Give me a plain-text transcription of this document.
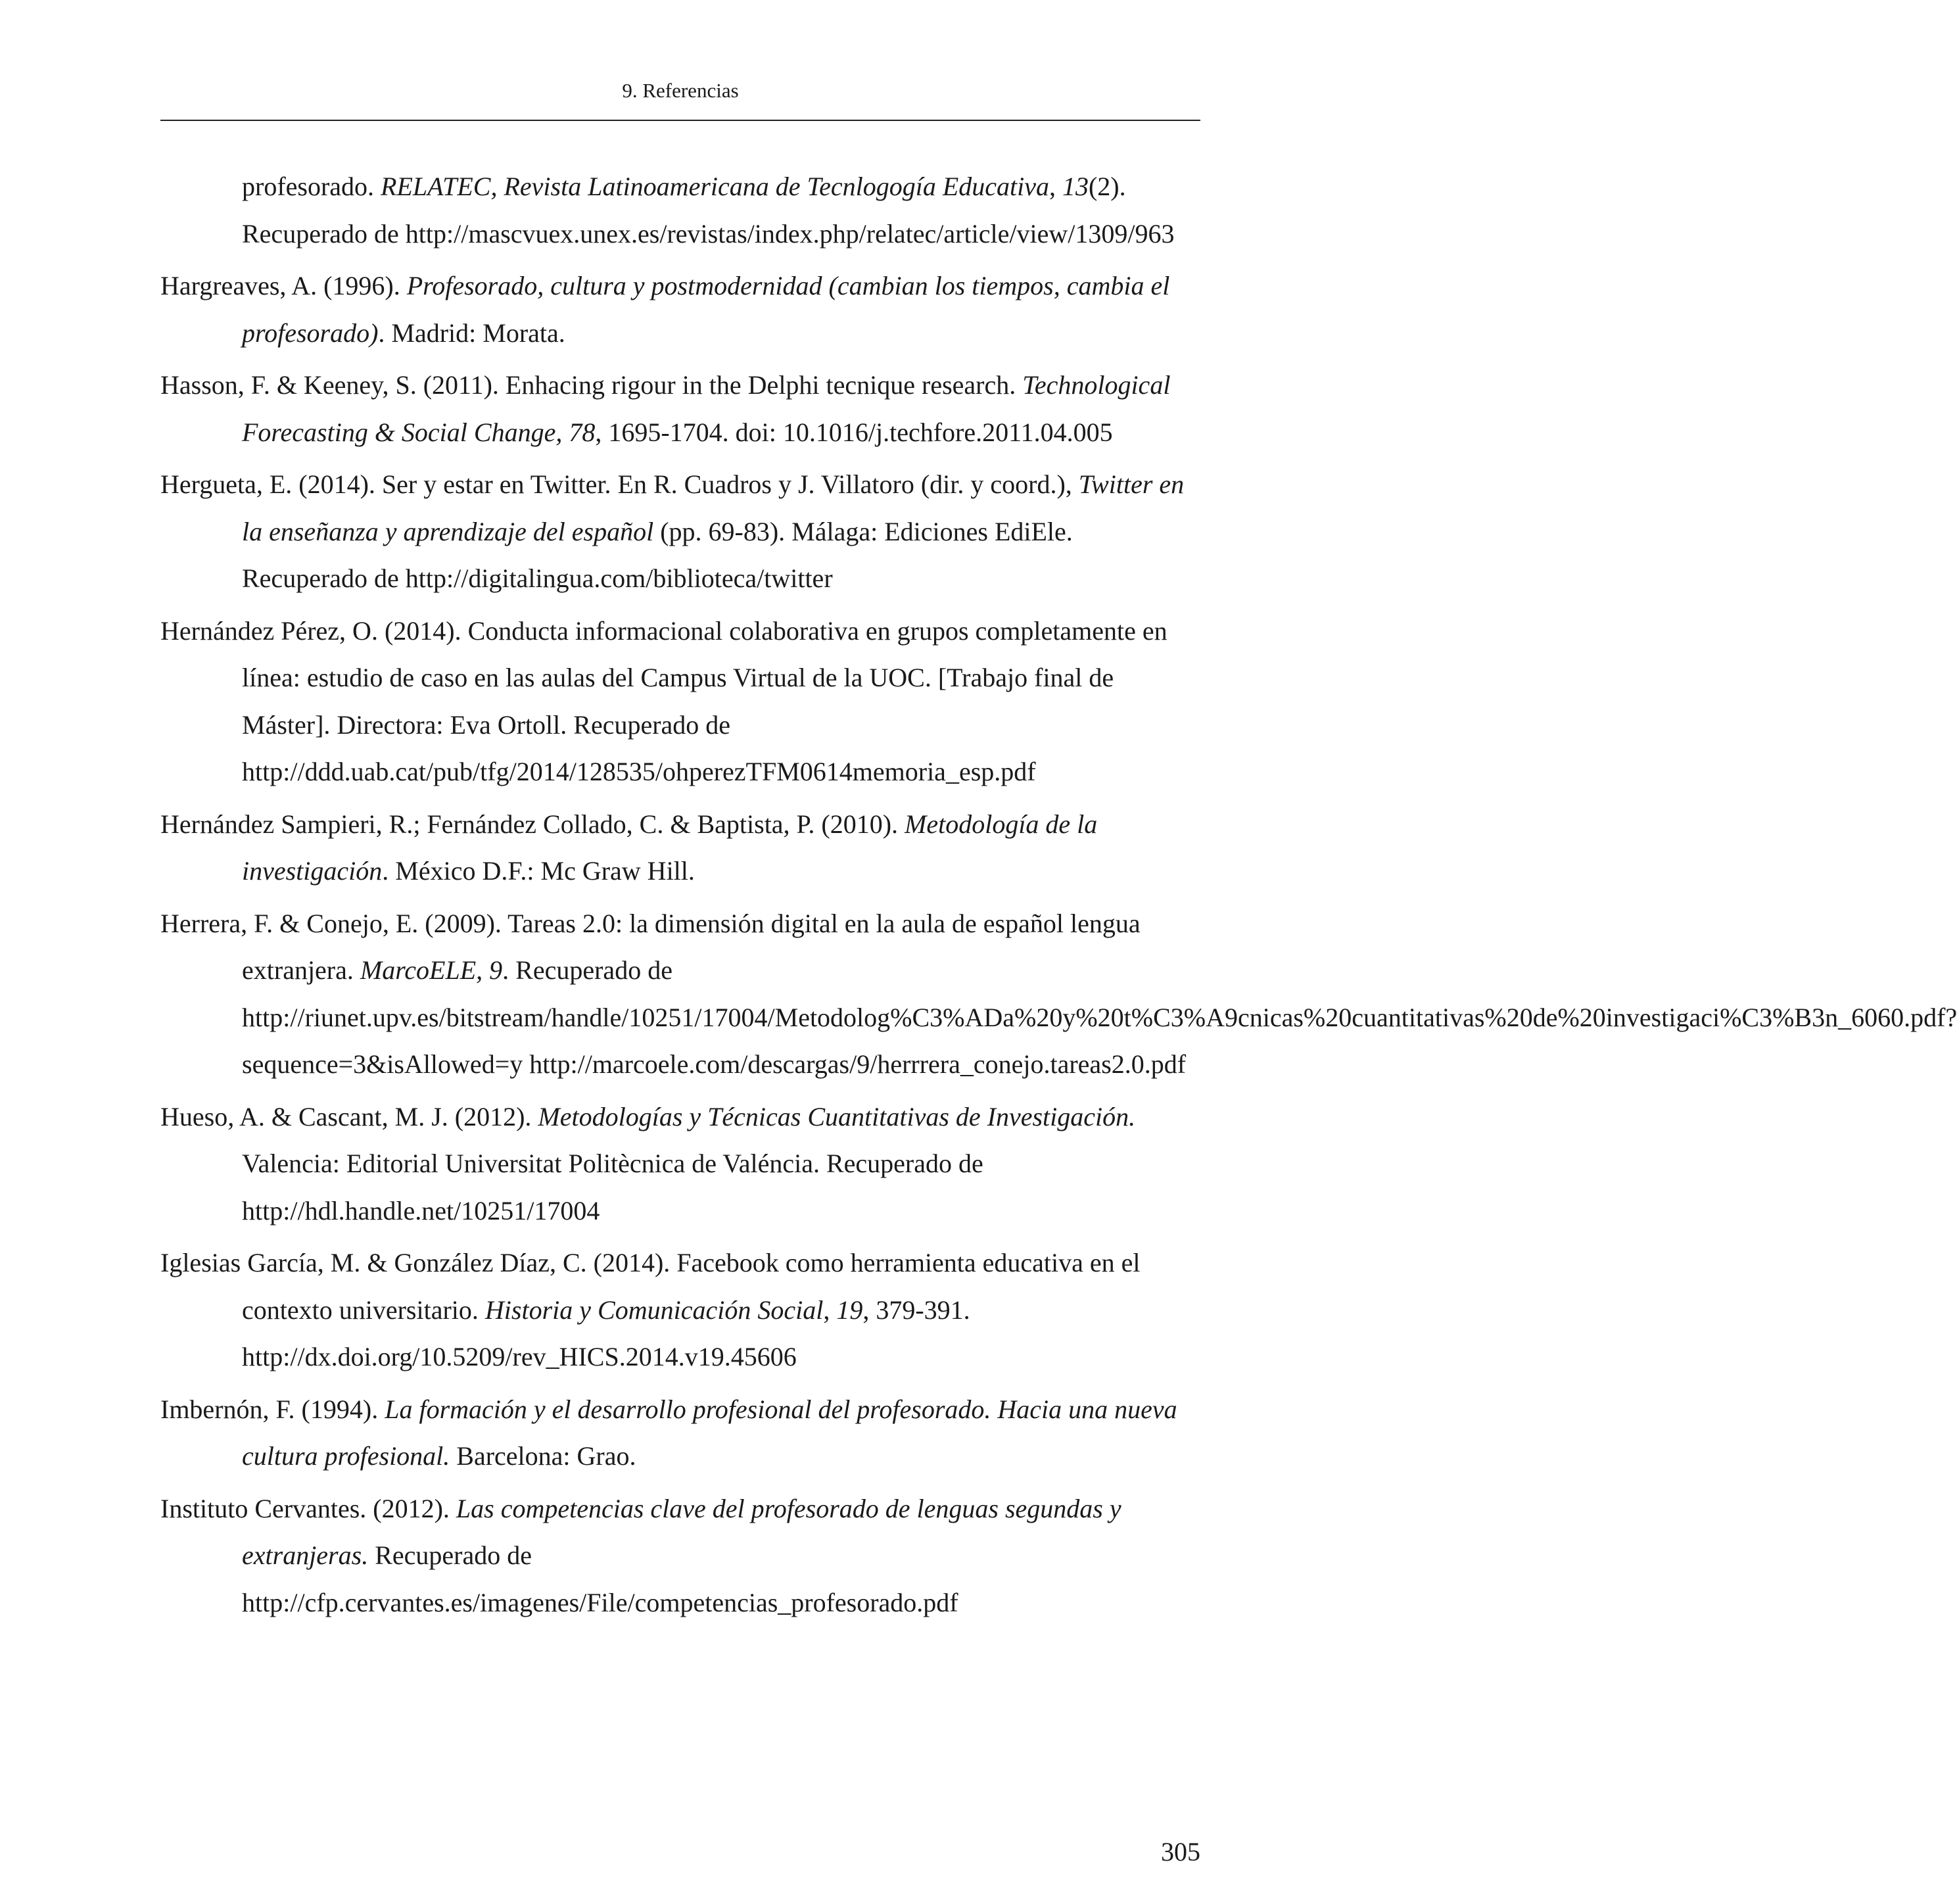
9. Referencias

profesorado. RELATEC, Revista Latinoamericana de Tecnlogogía Educativa, 13(2). Recuperado de http://mascvuex.unex.es/revistas/index.php/relatec/article/view/1309/963

Hargreaves, A. (1996). Profesorado, cultura y postmodernidad (cambian los tiempos, cambia el profesorado). Madrid: Morata.

Hasson, F. & Keeney, S. (2011). Enhacing rigour in the Delphi tecnique research. Technological Forecasting & Social Change, 78, 1695-1704. doi: 10.1016/j.techfore.2011.04.005

Hergueta, E. (2014). Ser y estar en Twitter. En R. Cuadros y J. Villatoro (dir. y coord.), Twitter en la enseñanza y aprendizaje del español (pp. 69-83). Málaga: Ediciones EdiEle. Recuperado de http://digitalingua.com/biblioteca/twitter

Hernández Pérez, O. (2014). Conducta informacional colaborativa en grupos completamente en línea: estudio de caso en las aulas del Campus Virtual de la UOC. [Trabajo final de Máster]. Directora: Eva Ortoll. Recuperado de http://ddd.uab.cat/pub/tfg/2014/128535/ohperezTFM0614memoria_esp.pdf

Hernández Sampieri, R.; Fernández Collado, C. & Baptista, P. (2010). Metodología de la investigación. México D.F.: Mc Graw Hill.

Herrera, F. & Conejo, E. (2009). Tareas 2.0: la dimensión digital en la aula de español lengua extranjera. MarcoELE, 9. Recuperado de http://riunet.upv.es/bitstream/handle/10251/17004/Metodolog%C3%ADa%20y%20t%C3%A9cnicas%20cuantitativas%20de%20investigaci%C3%B3n_6060.pdf?sequence=3&isAllowed=y http://marcoele.com/descargas/9/herrrera_conejo.tareas2.0.pdf

Hueso, A. & Cascant, M. J. (2012). Metodologías y Técnicas Cuantitativas de Investigación. Valencia: Editorial Universitat Politècnica de Valéncia. Recuperado de http://hdl.handle.net/10251/17004

Iglesias García, M. & González Díaz, C. (2014). Facebook como herramienta educativa en el contexto universitario. Historia y Comunicación Social, 19, 379-391. http://dx.doi.org/10.5209/rev_HICS.2014.v19.45606

Imbernón, F. (1994). La formación y el desarrollo profesional del profesorado. Hacia una nueva cultura profesional. Barcelona: Grao.

Instituto Cervantes. (2012). Las competencias clave del profesorado de lenguas segundas y extranjeras. Recuperado de http://cfp.cervantes.es/imagenes/File/competencias_profesorado.pdf

305
